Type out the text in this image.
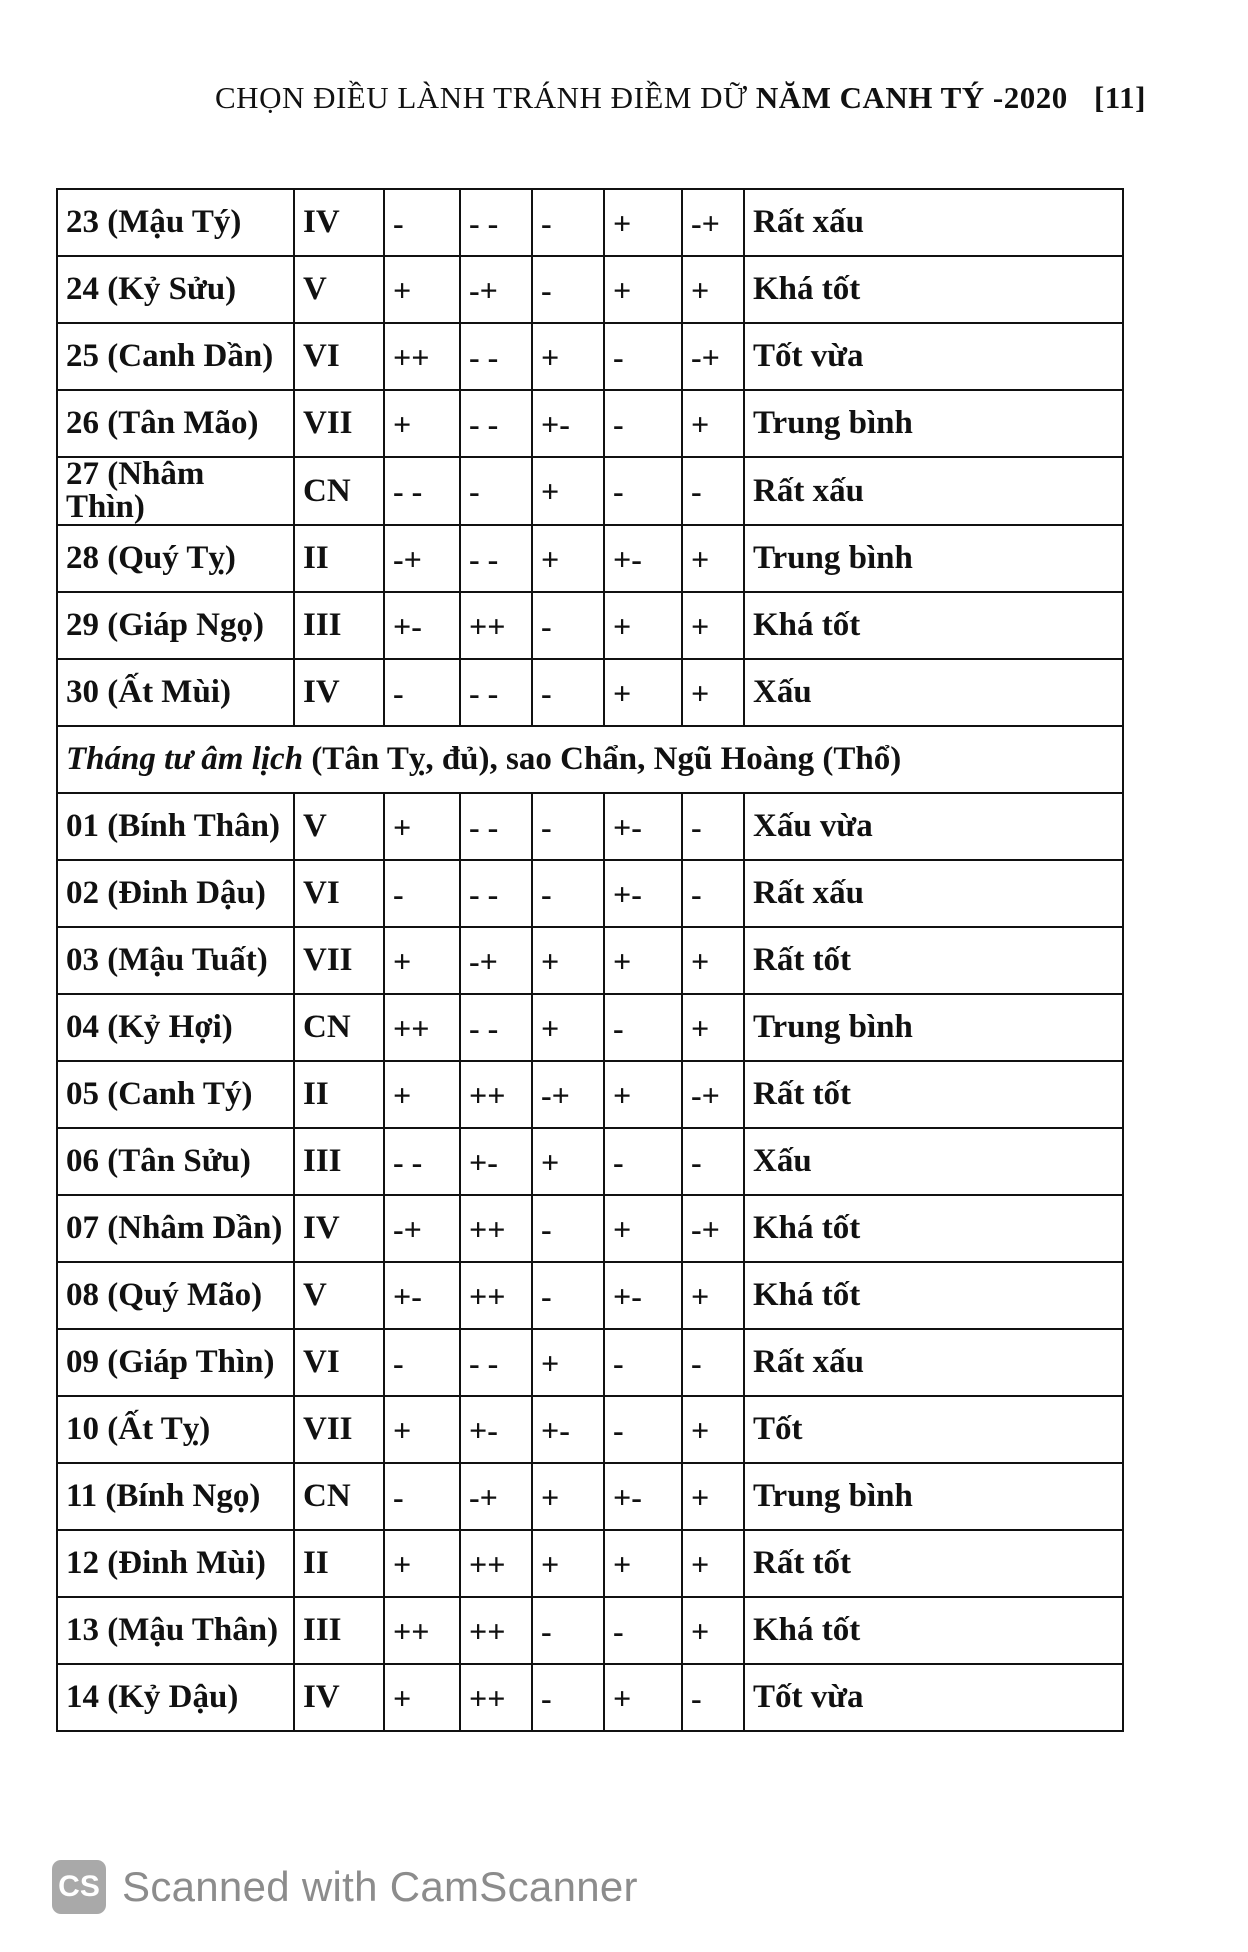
CHỌN ĐIỀU LÀNH TRÁNH ĐIỀM DỮ NĂM CANH TÝ -2020 [11]
23 (Mậu Tý)	IV	-	- -	-	+	-+	Rất xấu
24 (Kỷ Sửu)	V	+	-+	-	+	+	Khá tốt
25 (Canh Dần)	VI	++	- -	+	-	-+	Tốt vừa
26 (Tân Mão)	VII	+	- -	+-	-	+	Trung bình
27 (Nhâm Thìn)	CN	- -	-	+	-	-	Rất xấu
28 (Quý Tỵ)	II	-+	- -	+	+-	+	Trung bình
29 (Giáp Ngọ)	III	+-	++	-	+	+	Khá tốt
30 (Ất Mùi)	IV	-	- -	-	+	+	Xấu
Tháng tư âm lịch (Tân Tỵ, đủ), sao Chẩn, Ngũ Hoàng (Thổ)							
01 (Bính Thân)	V	+	- -	-	+-	-	Xấu vừa
02 (Đinh Dậu)	VI	-	- -	-	+-	-	Rất xấu
03 (Mậu Tuất)	VII	+	-+	+	+	+	Rất tốt
04 (Kỷ Hợi)	CN	++	- -	+	-	+	Trung bình
05 (Canh Tý)	II	+	++	-+	+	-+	Rất tốt
06 (Tân Sửu)	III	- -	+-	+	-	-	Xấu
07 (Nhâm Dần)	IV	-+	++	-	+	-+	Khá tốt
08 (Quý Mão)	V	+-	++	-	+-	+	Khá tốt
09 (Giáp Thìn)	VI	-	- -	+	-	-	Rất xấu
10 (Ất Tỵ)	VII	+	+-	+-	-	+	Tốt
11 (Bính Ngọ)	CN	-	-+	+	+-	+	Trung bình
12 (Đinh Mùi)	II	+	++	+	+	+	Rất tốt
13 (Mậu Thân)	III	++	++	-	-	+	Khá tốt
14 (Kỷ Dậu)	IV	+	++	-	+	-	Tốt vừa
CS Scanned with CamScanner
